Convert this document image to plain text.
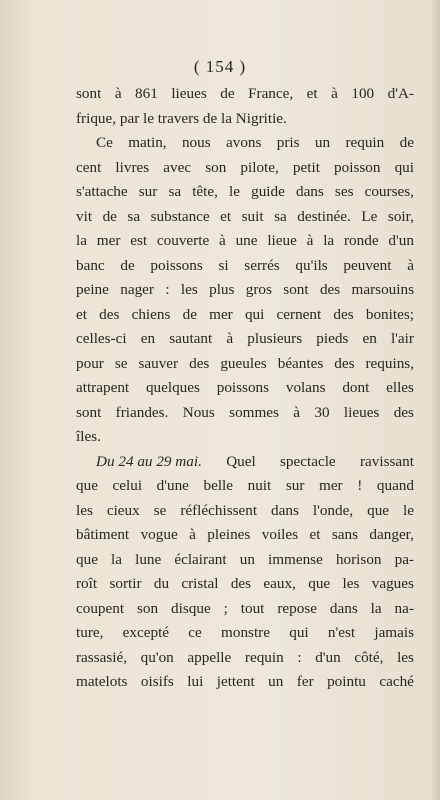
( 154 )
sont à 861 lieues de France, et à 100 d'A-
frique, par le travers de la Nigritie.
Ce matin, nous avons pris un requin de
cent livres avec son pilote, petit poisson qui
s'attache sur sa tête, le guide dans ses courses,
vit de sa substance et suit sa destinée. Le soir,
la mer est couverte à une lieue à la ronde d'un
banc de poissons si serrés qu'ils peuvent à
peine nager : les plus gros sont des marsouins
et des chiens de mer qui cernent des bonites;
celles-ci en sautant à plusieurs pieds en l'air
pour se sauver des gueules béantes des requins,
attrapent quelques poissons volans dont elles
sont friandes. Nous sommes à 30 lieues des
îles.
Du 24 au 29 mai. Quel spectacle ravissant
que celui d'une belle nuit sur mer ! quand
les cieux se réfléchissent dans l'onde, que le
bâtiment vogue à pleines voiles et sans danger,
que la lune éclairant un immense horison pa-
roît sortir du cristal des eaux, que les vagues
coupent son disque ; tout repose dans la na-
ture, excepté ce monstre qui n'est jamais
rassasié, qu'on appelle requin : d'un côté, les
matelots oisifs lui jettent un fer pointu caché
